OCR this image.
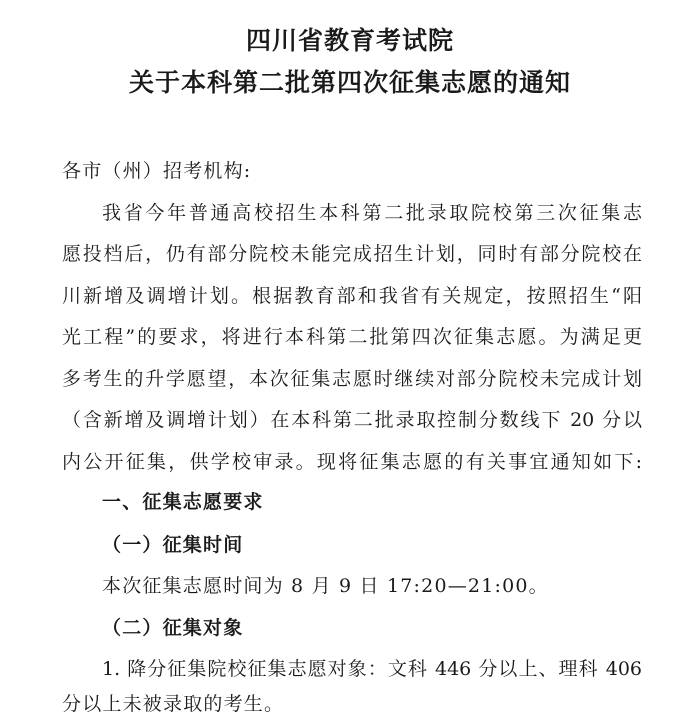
四川省教育考试院
关于本科第二批第四次征集志愿的通知
各市（州）招考机构:
我省今年普通高校招生本科第二批录取院校第三次征集志
愿投档后，仍有部分院校未能完成招生计划，同时有部分院校在
川新增及调增计划。根据教育部和我省有关规定，按照招生“阳
光工程”的要求，将进行本科第二批第四次征集志愿。为满足更
多考生的升学愿望，本次征集志愿时继续对部分院校未完成计划
（含新增及调增计划）在本科第二批录取控制分数线下 20 分以
内公开征集，供学校审录。现将征集志愿的有关事宜通知如下:
一、征集志愿要求
（一）征集时间
本次征集志愿时间为 8 月 9 日 17:20—21:00。
（二）征集对象
1. 降分征集院校征集志愿对象：文科 446 分以上、理科 406
分以上未被录取的考生。
